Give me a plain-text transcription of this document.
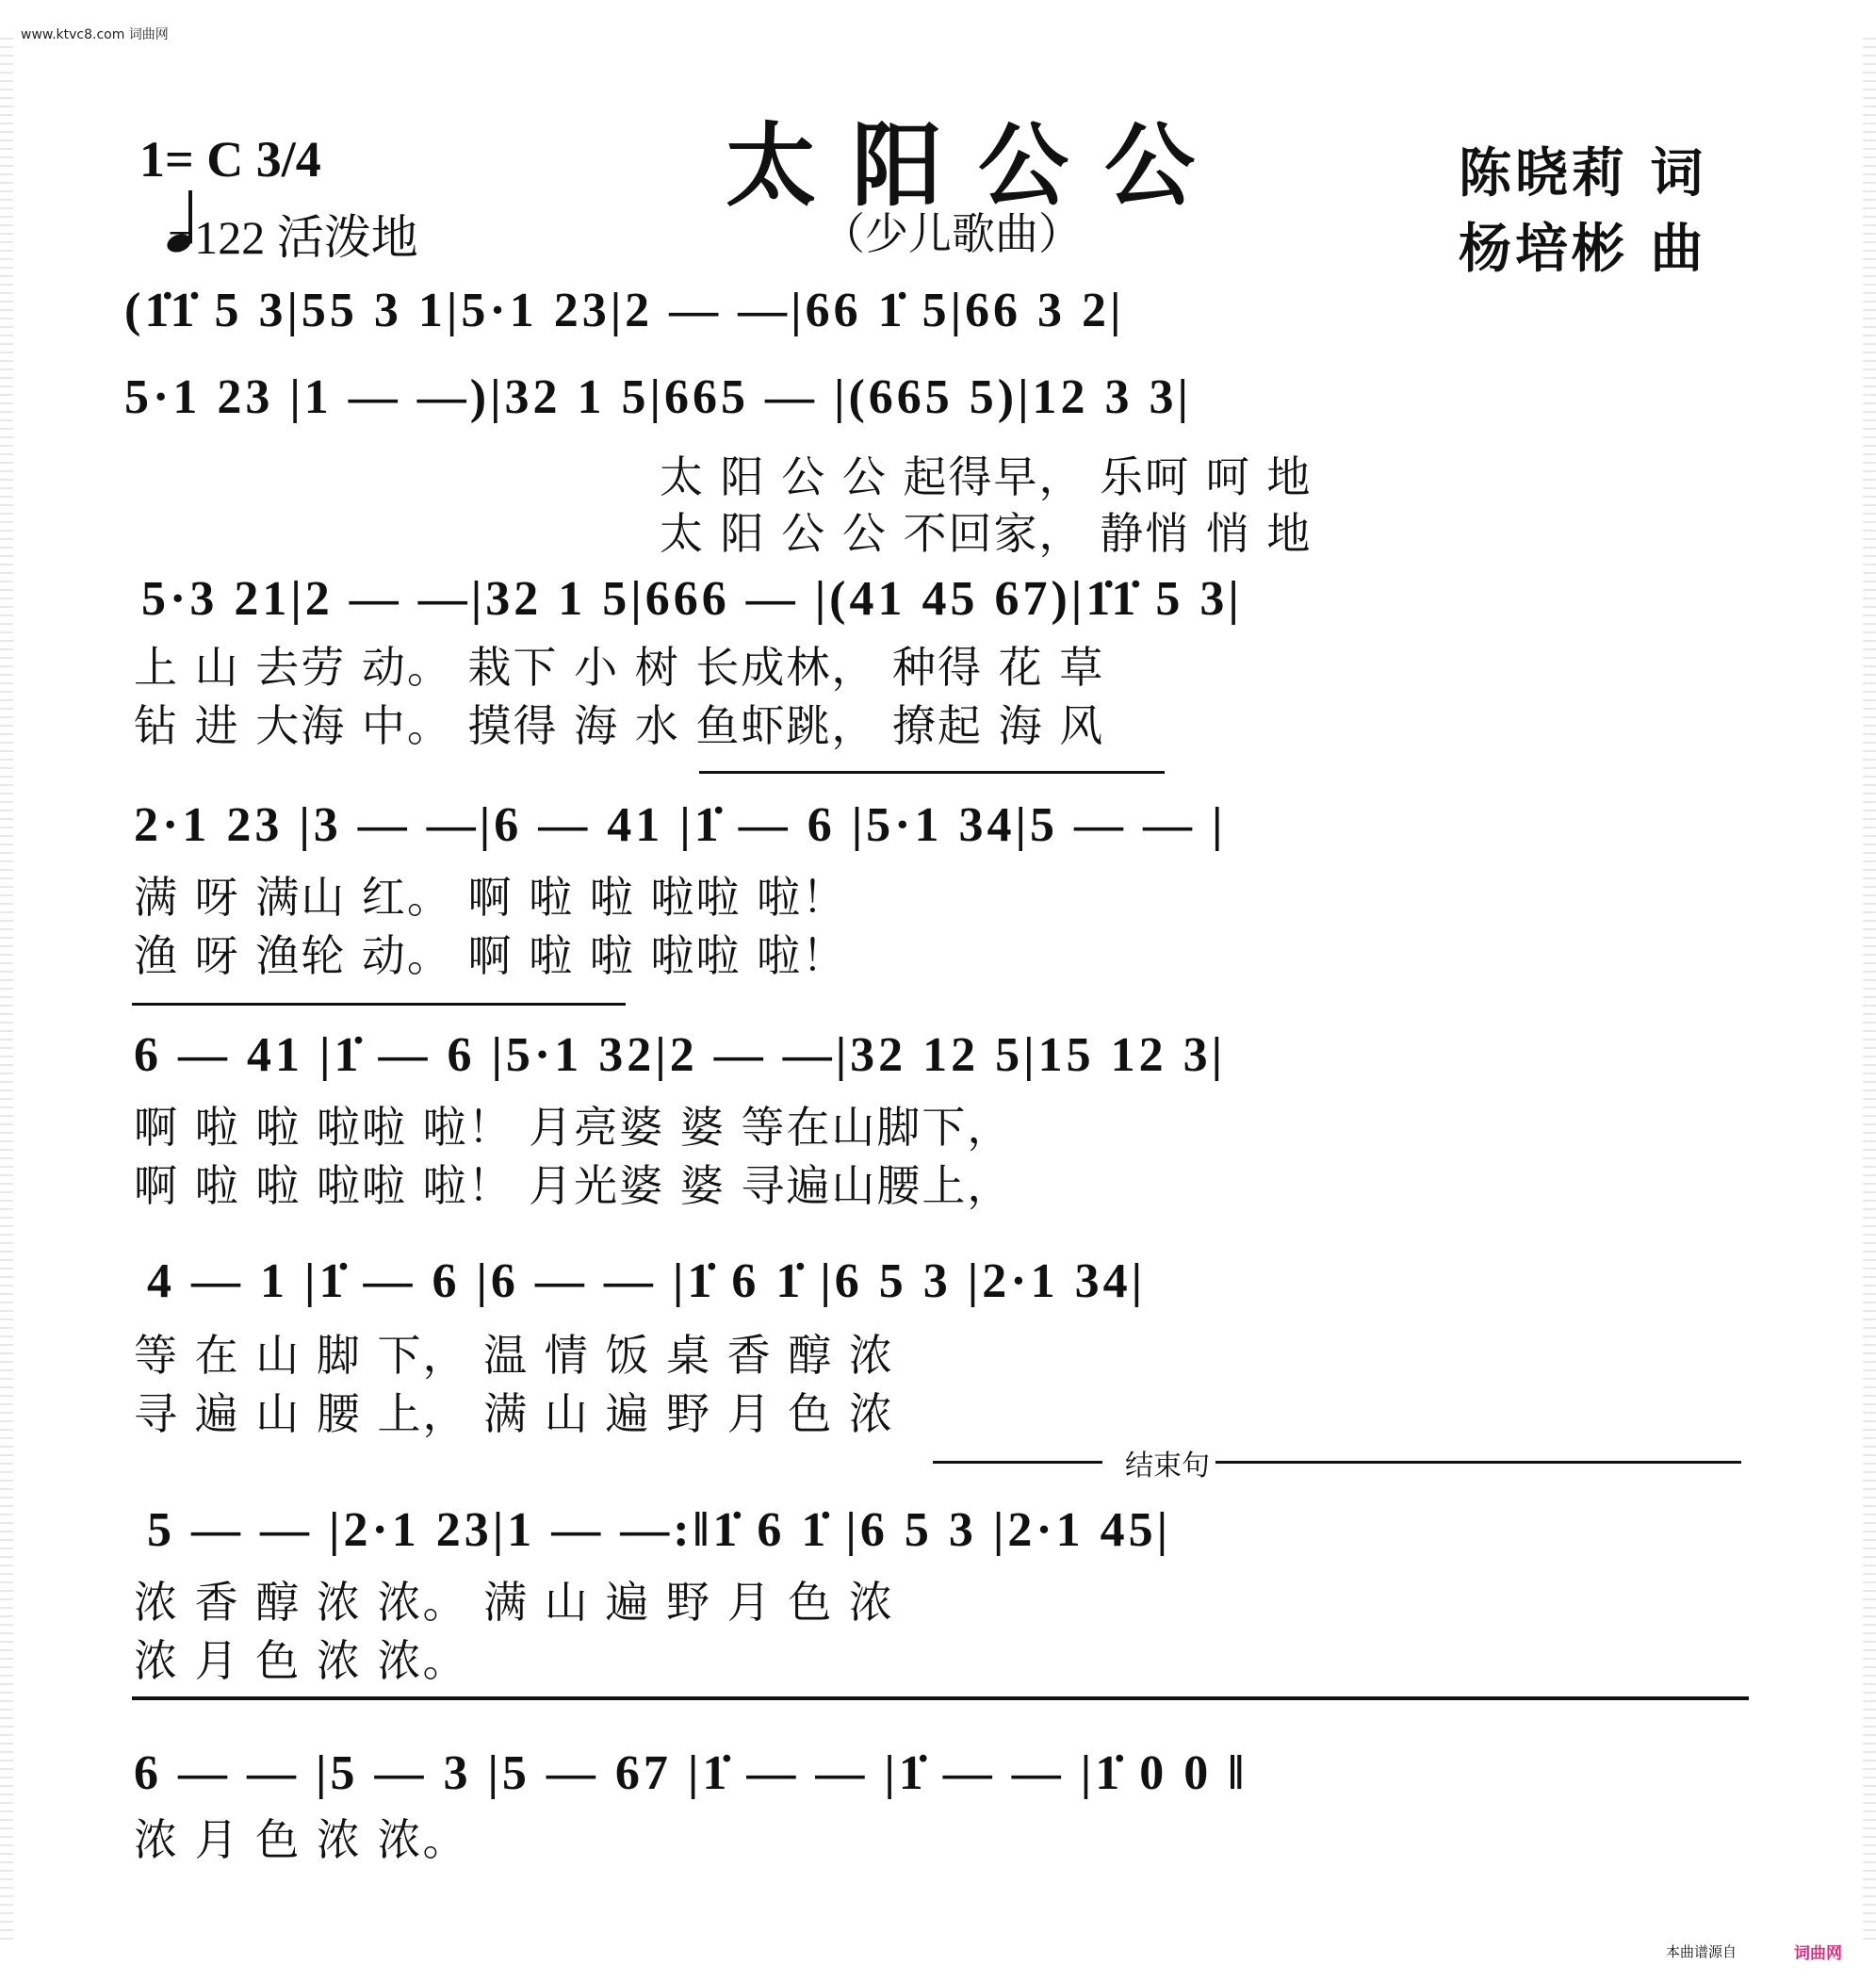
www.ktvc8.com 词曲网
1= C 3/4
=122 活泼地
太阳公公
（少儿歌曲）
陈晓莉 词
杨培彬 曲
(1̇1̇ 5 3|55 3 1|5·1 23|2 — —|66 1̇ 5|66 3 2|
5·1 23 |1 — —)|32 1 5|665 — |(665 5)|12 3 3|
太 阳 公 公 起得早， 乐呵 呵 地
太 阳 公 公 不回家， 静悄 悄 地
5·3 21|2 — —|32 1 5|666 — |(41 45 67)|1̇1̇ 5 3|
上 山 去劳 动。 栽下 小 树 长成林， 种得 花 草
钻 进 大海 中。 摸得 海 水 鱼虾跳， 撩起 海 风
2·1 23 |3 — —|6 — 41 |1̇ — 6 |5·1 34|5 — — |
满 呀 满山 红。 啊 啦 啦 啦啦 啦！
渔 呀 渔轮 动。 啊 啦 啦 啦啦 啦！
6 — 41 |1̇ — 6 |5·1 32|2 — —|32 12 5|15 12 3|
啊 啦 啦 啦啦 啦！ 月亮婆 婆 等在山脚下，
啊 啦 啦 啦啦 啦！ 月光婆 婆 寻遍山腰上，
4 — 1 |1̇ — 6 |6 — — |1̇ 6 1̇ |6 5 3 |2·1 34|
等 在 山 脚 下， 温 情 饭 桌 香 醇 浓
寻 遍 山 腰 上， 满 山 遍 野 月 色 浓
结束句
5 — — |2·1 23|1 — —:‖1̇ 6 1̇ |6 5 3 |2·1 45|
浓 香 醇 浓 浓。 满 山 遍 野 月 色 浓
浓 月 色 浓 浓。
6 — — |5 — 3 |5 — 67 |1̇ — — |1̇ — — |1̇ 0 0 ‖
浓 月 色 浓 浓。
本曲谱源自	词曲网
